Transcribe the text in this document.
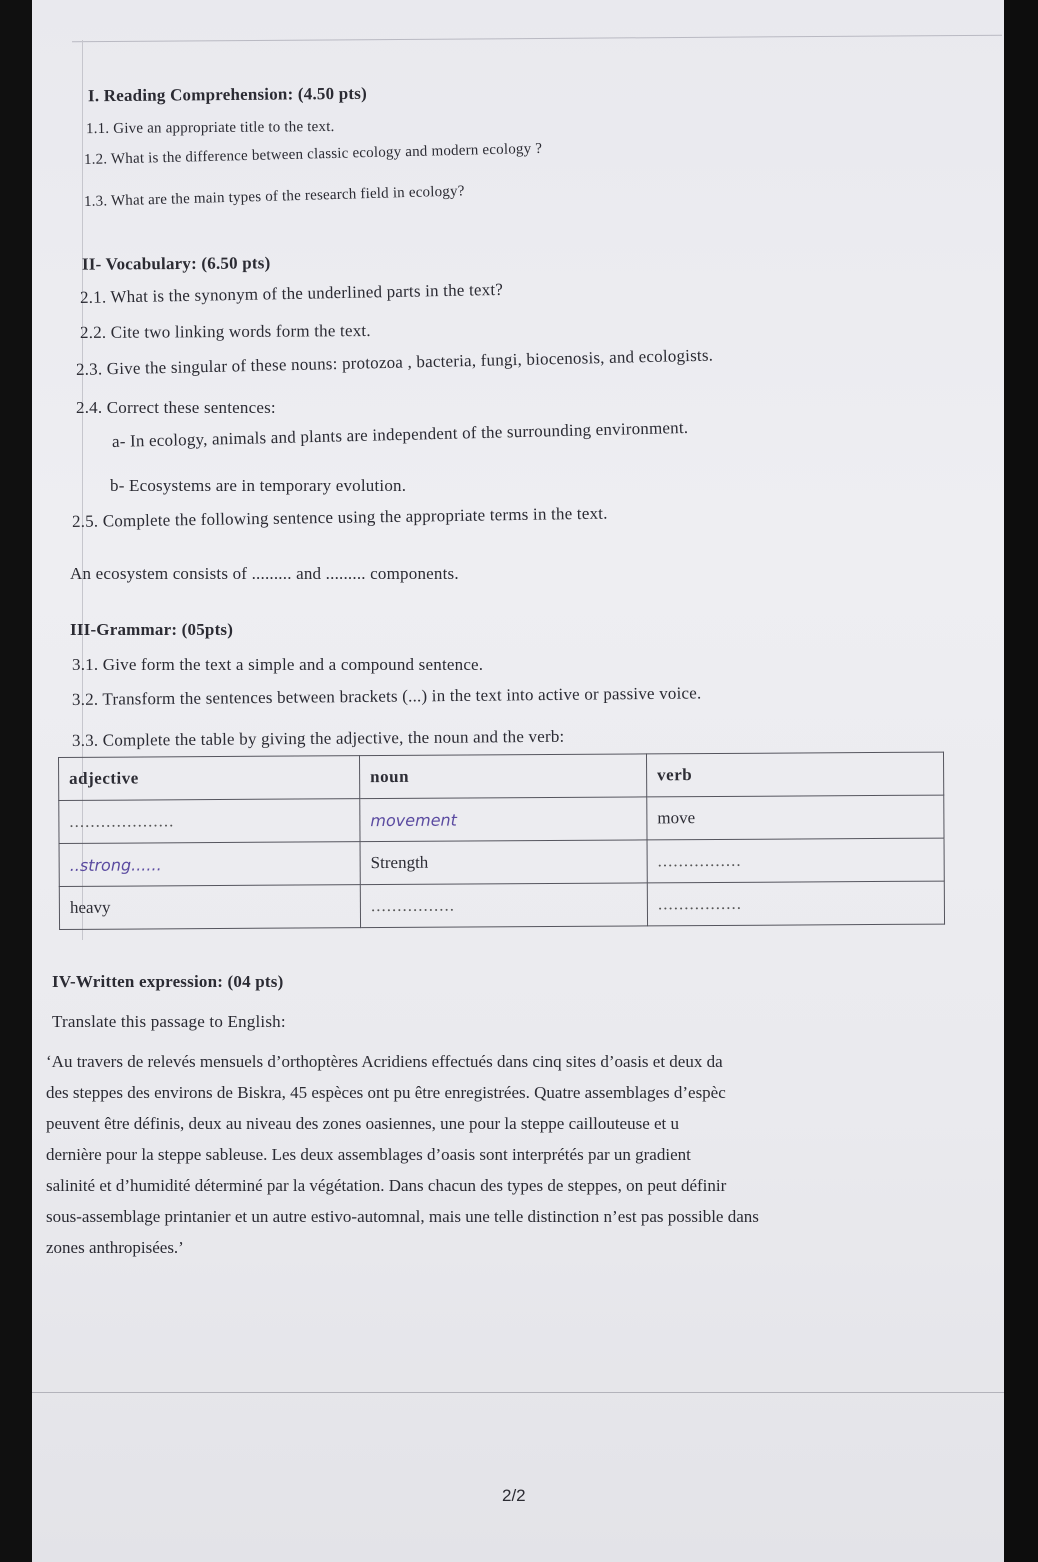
I. Reading Comprehension: (4.50 pts)
1.1. Give an appropriate title to the text.
1.2. What is the difference between classic ecology and modern ecology ?
1.3. What are the main types of the research field in ecology?
II- Vocabulary: (6.50 pts)
2.1. What is the synonym of the underlined parts in the text?
2.2. Cite two linking words form the text.
2.3. Give the singular of these nouns: protozoa , bacteria, fungi, biocenosis, and ecologists.
2.4. Correct these sentences:
a- In ecology, animals and plants are independent of the surrounding environment.
b- Ecosystems are in temporary evolution.
2.5. Complete the following sentence using the appropriate terms in the text.
An ecosystem consists of ......... and ......... components.
III-Grammar: (05pts)
3.1. Give form the text a simple and a compound sentence.
3.2. Transform the sentences between brackets (...) in the text into active or passive voice.
3.3. Complete the table by giving the adjective, the noun and the verb:
adjective	noun	verb
....................	movement	move
..strong......	Strength	................
heavy	................	................
IV-Written expression: (04 pts)
Translate this passage to English:
‘Au travers de relevés mensuels d’orthoptères Acridiens effectués dans cinq sites d’oasis et deux da
des steppes des environs de Biskra, 45 espèces ont pu être enregistrées. Quatre assemblages d’espèc
peuvent être définis, deux au niveau des zones oasiennes, une pour la steppe caillouteuse et u
dernière pour la steppe sableuse. Les deux assemblages d’oasis sont interprétés par un gradient
salinité et d’humidité déterminé par la végétation. Dans chacun des types de steppes, on peut définir
sous-assemblage printanier et un autre estivo-automnal, mais une telle distinction n’est pas possible dans
zones anthropisées.’
2/2
